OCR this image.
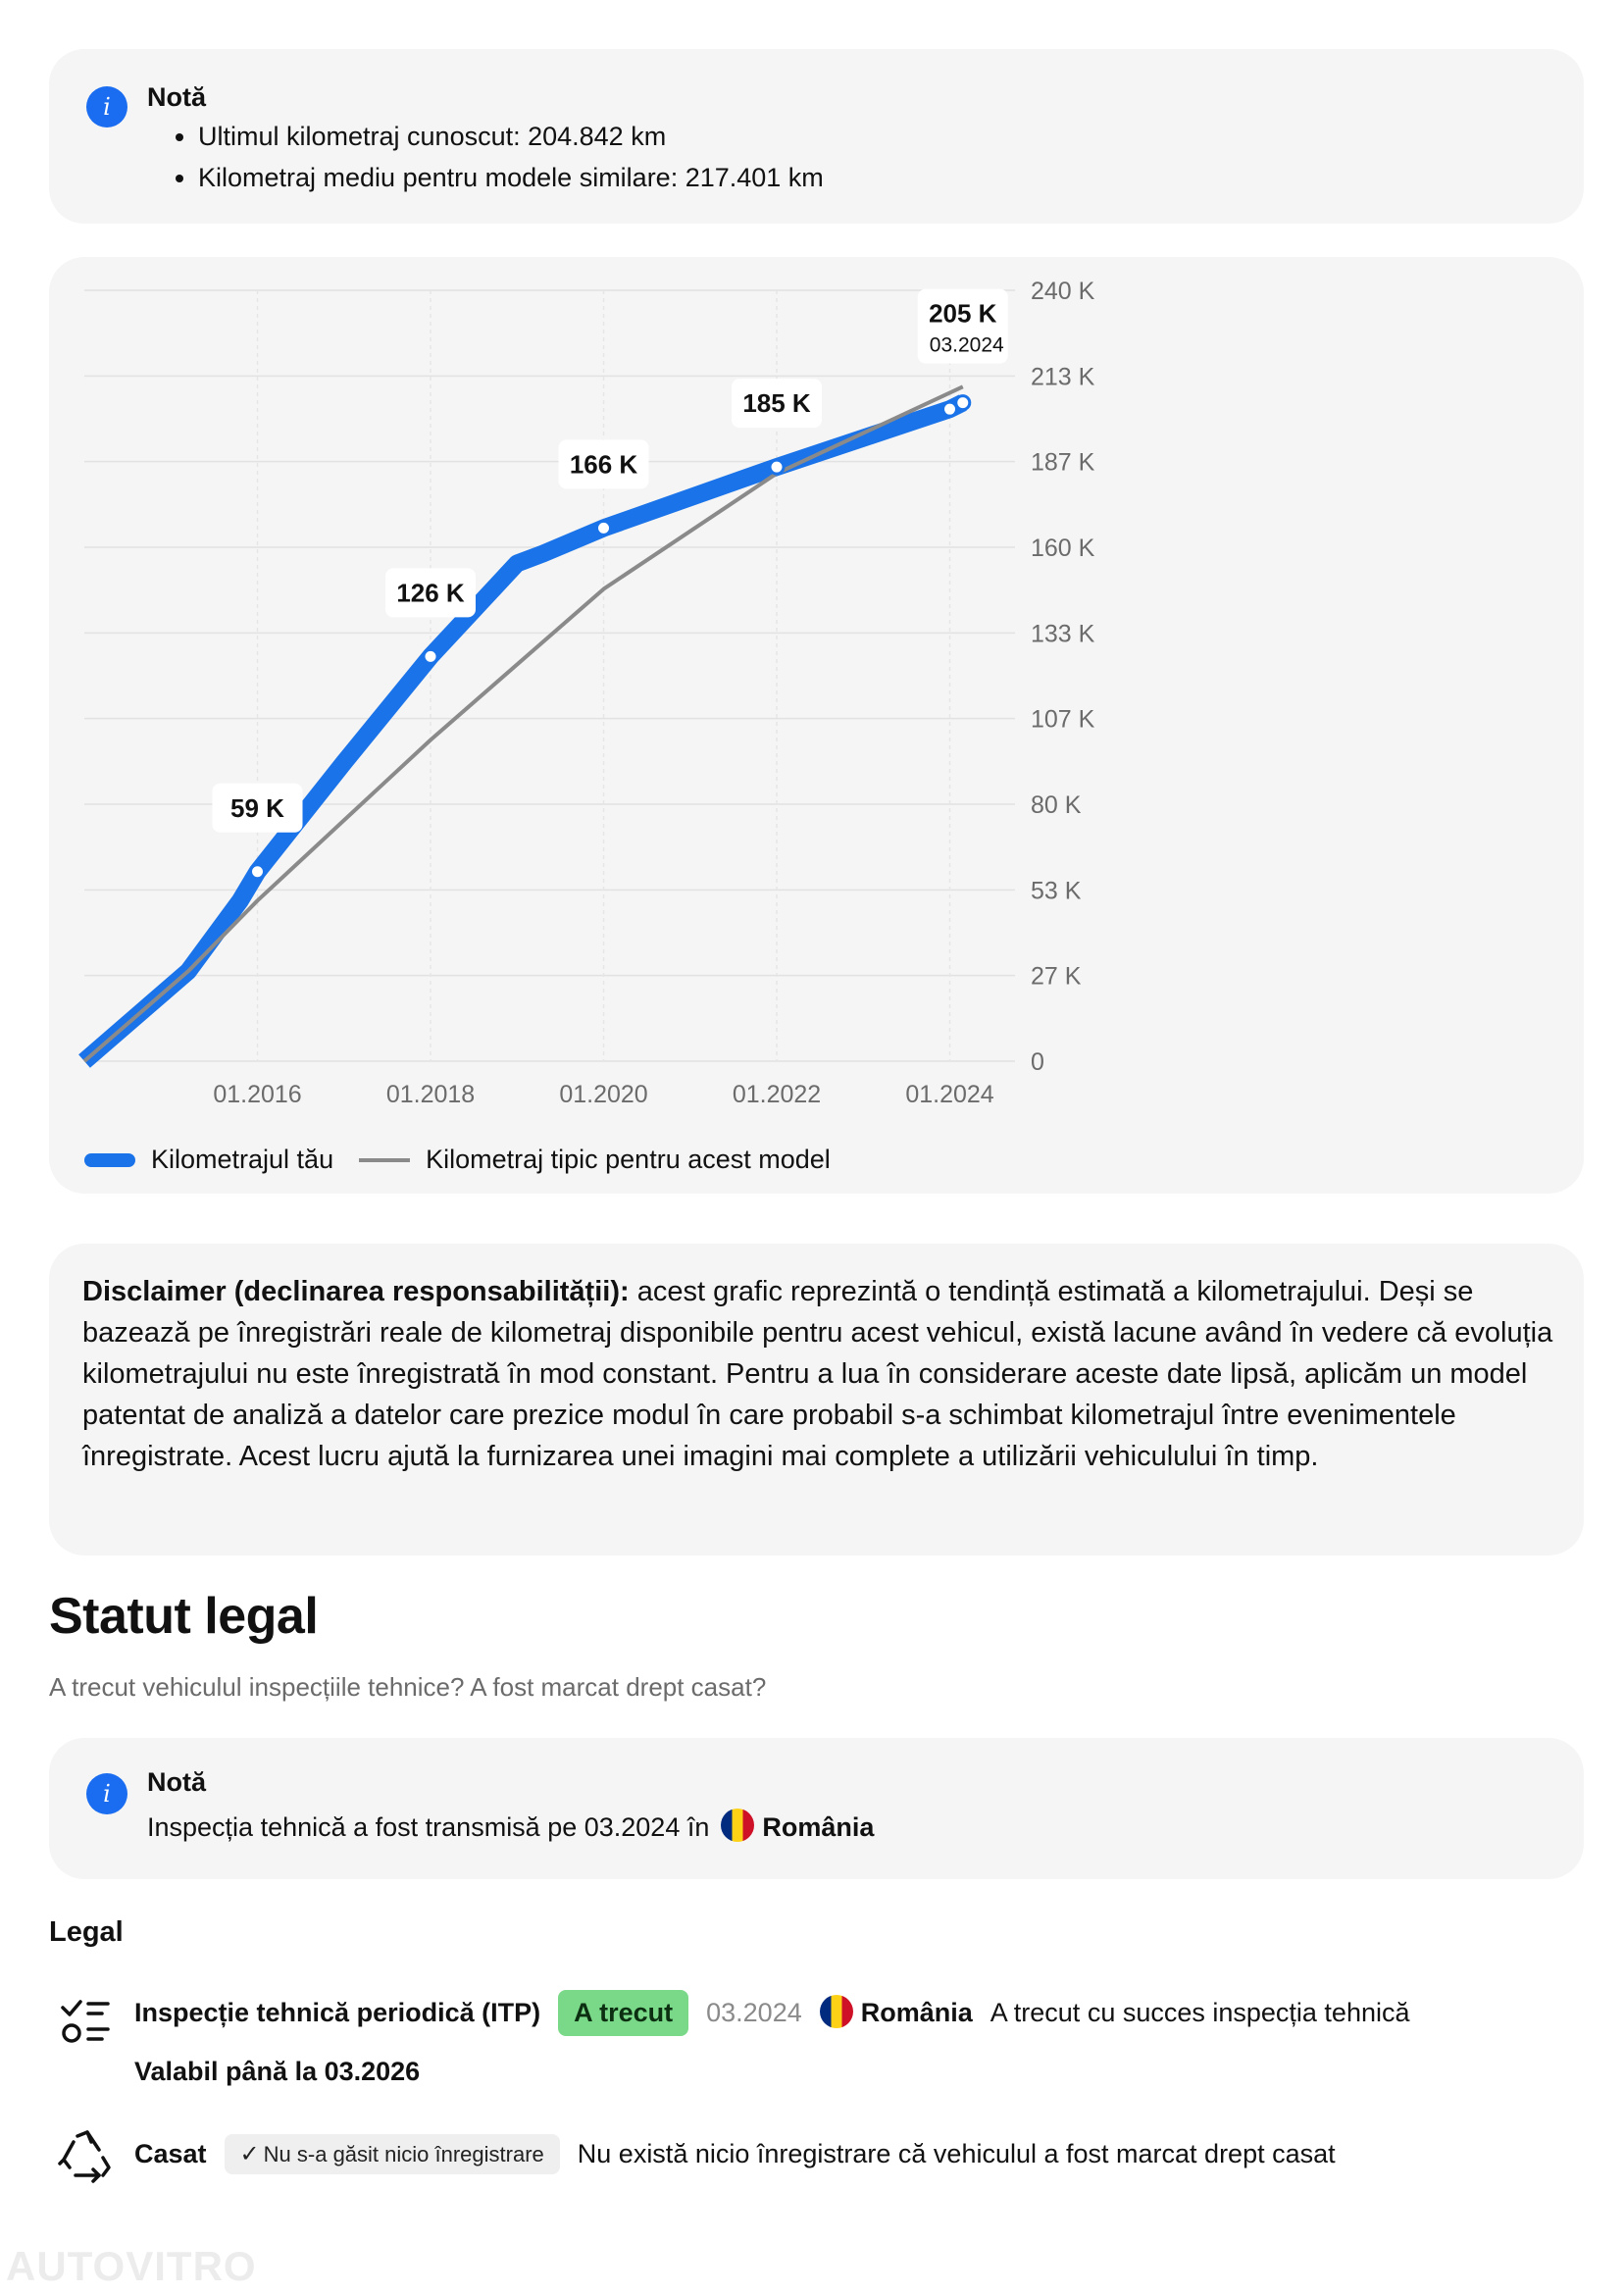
i	Notă
• Ultimul kilometraj cunoscut: 204.842 km
• Kilometraj mediu pentru modele similare: 217.401 km
0
27 K
53 K
80 K
107 K
133 K
160 K
187 K
213 K
240 K
01.2016	01.2018	01.2020	01.2022	01.2024
59 K
126 K
166 K
185 K
205 K
03.2024
Kilometrajul tău	Kilometraj tipic pentru acest model
Disclaimer (declinarea responsabilității): acest grafic reprezintă o tendință estimată a kilometrajului. Deși se bazează pe înregistrări reale de kilometraj disponibile pentru acest vehicul, există lacune având în vedere că evoluția kilometrajului nu este înregistrată în mod constant. Pentru a lua în considerare aceste date lipsă, aplicăm un model patentat de analiză a datelor care prezice modul în care probabil s-a schimbat kilometrajul între evenimentele înregistrate. Acest lucru ajută la furnizarea unei imagini mai complete a utilizării vehiculului în timp.
Statut legal
A trecut vehiculul inspecțiile tehnice? A fost marcat drept casat?
i	Notă
Inspecția tehnică a fost transmisă pe 03.2024 în România
Legal
Inspecție tehnică periodică (ITP)	A trecut	03.2024 România A trecut cu succes inspecția tehnică
Valabil până la 03.2026
Casat	✓ Nu s-a găsit nicio înregistrare	Nu există nicio înregistrare că vehiculul a fost marcat drept casat
AUTOVITRO
